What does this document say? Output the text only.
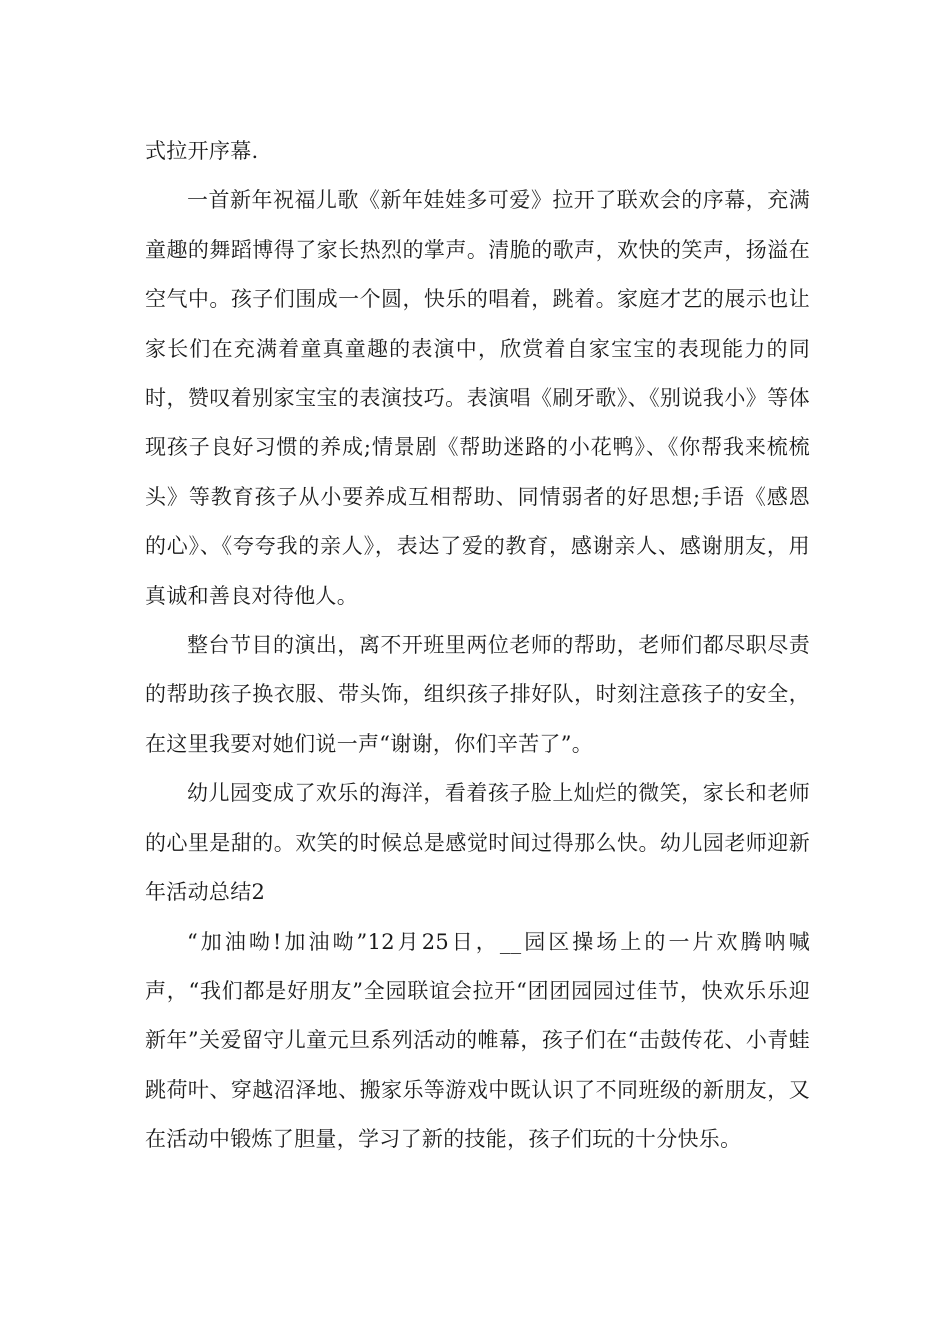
式拉开序幕.

一首新年祝福儿歌《新年娃娃多可爱》拉开了联欢会的序幕，充满童趣的舞蹈博得了家长热烈的掌声。清脆的歌声，欢快的笑声，扬溢在空气中。孩子们围成一个圆，快乐的唱着，跳着。家庭才艺的展示也让家长们在充满着童真童趣的表演中，欣赏着自家宝宝的表现能力的同时，赞叹着别家宝宝的表演技巧。表演唱《刷牙歌》、《别说我小》等体现孩子良好习惯的养成;情景剧《帮助迷路的小花鸭》、《你帮我来梳梳头》等教育孩子从小要养成互相帮助、同情弱者的好思想;手语《感恩的心》、《夸夸我的亲人》，表达了爱的教育，感谢亲人、感谢朋友，用真诚和善良对待他人。

整台节目的演出，离不开班里两位老师的帮助，老师们都尽职尽责的帮助孩子换衣服、带头饰，组织孩子排好队，时刻注意孩子的安全，在这里我要对她们说一声“谢谢，你们辛苦了”。

幼儿园变成了欢乐的海洋，看着孩子脸上灿烂的微笑，家长和老师的心里是甜的。欢笑的时候总是感觉时间过得那么快。幼儿园老师迎新年活动总结2

“加油呦!加油呦”12月25日，__园区操场上的一片欢腾呐喊声，“我们都是好朋友”全园联谊会拉开“团团园园过佳节，快欢乐乐迎新年”关爱留守儿童元旦系列活动的帷幕，孩子们在“击鼓传花、小青蛙跳荷叶、穿越沼泽地、搬家乐等游戏中既认识了不同班级的新朋友，又在活动中锻炼了胆量，学习了新的技能，孩子们玩的十分快乐。
